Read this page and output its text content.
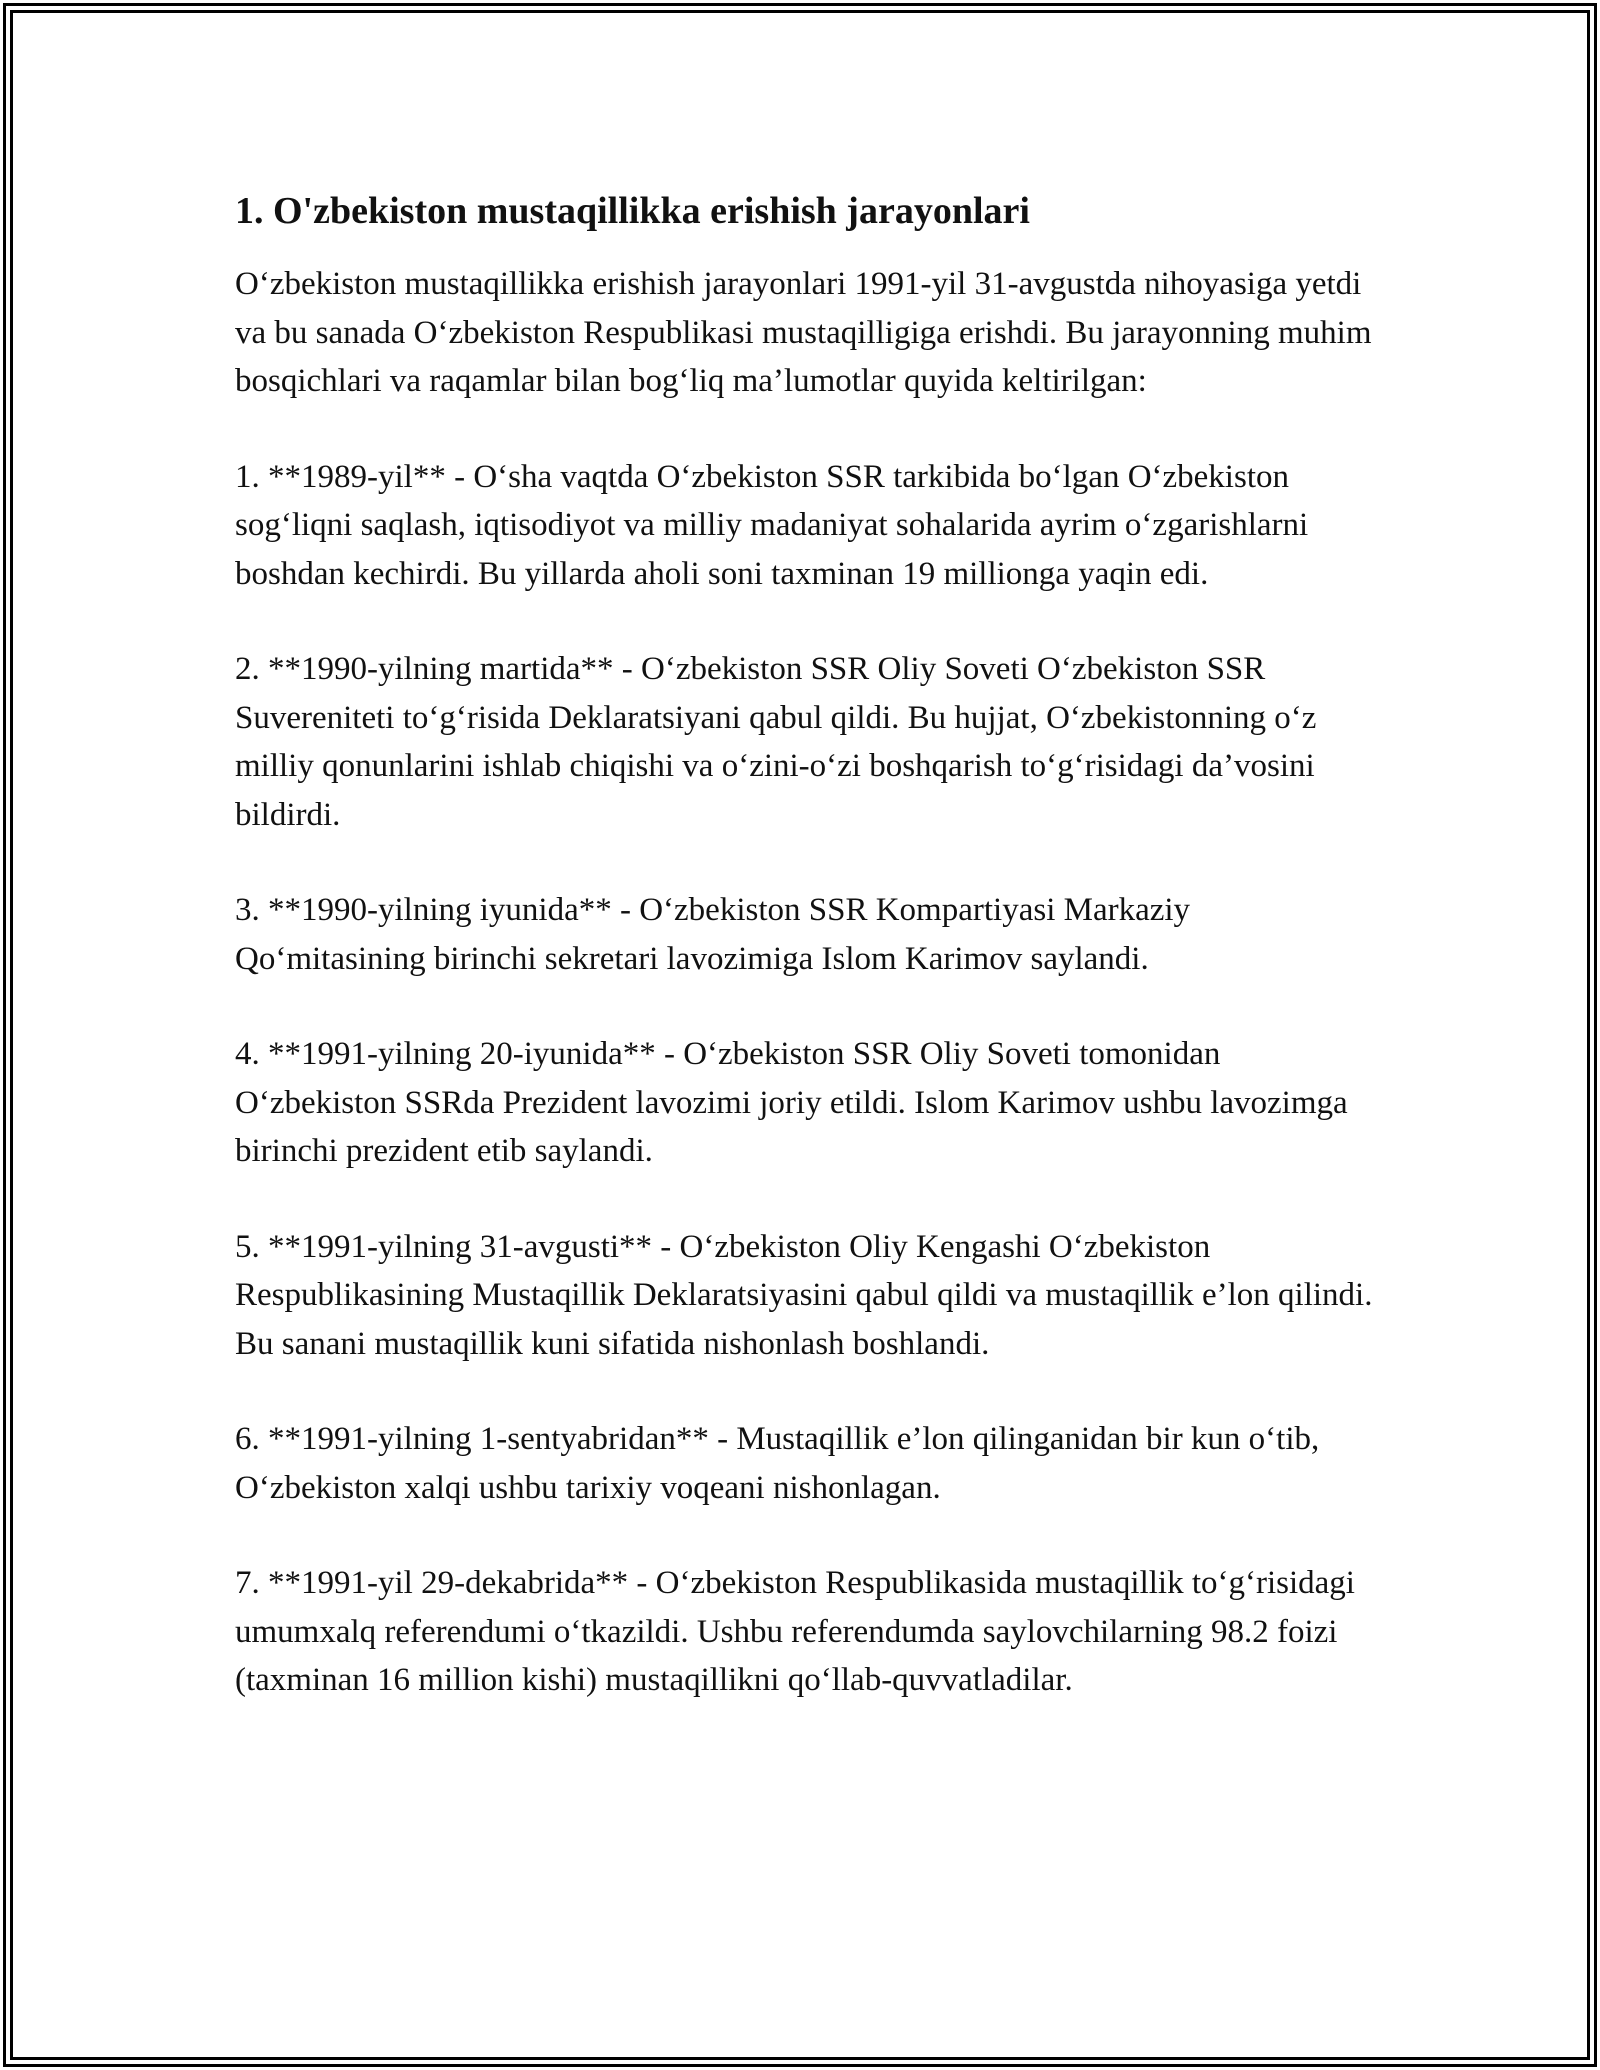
1. O'zbekiston mustaqillikka erishish jarayonlari

O‘zbekiston mustaqillikka erishish jarayonlari 1991-yil 31-avgustda nihoyasiga yetdi va bu sanada O‘zbekiston Respublikasi mustaqilligiga erishdi. Bu jarayonning muhim bosqichlari va raqamlar bilan bog‘liq ma’lumotlar quyida keltirilgan:

1. **1989-yil** - O‘sha vaqtda O‘zbekiston SSR tarkibida bo‘lgan O‘zbekiston sog‘liqni saqlash, iqtisodiyot va milliy madaniyat sohalarida ayrim o‘zgarishlarni boshdan kechirdi. Bu yillarda aholi soni taxminan 19 millionga yaqin edi.

2. **1990-yilning martida** - O‘zbekiston SSR Oliy Soveti O‘zbekiston SSR Suvereniteti to‘g‘risida Deklaratsiyani qabul qildi. Bu hujjat, O‘zbekistonning o‘z milliy qonunlarini ishlab chiqishi va o‘zini-o‘zi boshqarish to‘g‘risidagi da’vosini bildirdi.

3. **1990-yilning iyunida** - O‘zbekiston SSR Kompartiyasi Markaziy Qo‘mitasining birinchi sekretari lavozimiga Islom Karimov saylandi.

4. **1991-yilning 20-iyunida** - O‘zbekiston SSR Oliy Soveti tomonidan O‘zbekiston SSRda Prezident lavozimi joriy etildi. Islom Karimov ushbu lavozimga birinchi prezident etib saylandi.

5. **1991-yilning 31-avgusti** - O‘zbekiston Oliy Kengashi O‘zbekiston Respublikasining Mustaqillik Deklaratsiyasini qabul qildi va mustaqillik e’lon qilindi. Bu sanani mustaqillik kuni sifatida nishonlash boshlandi.

6. **1991-yilning 1-sentyabridan** - Mustaqillik e’lon qilinganidan bir kun o‘tib, O‘zbekiston xalqi ushbu tarixiy voqeani nishonlagan.

7. **1991-yil 29-dekabrida** - O‘zbekiston Respublikasida mustaqillik to‘g‘risidagi umumxalq referendumi o‘tkazildi. Ushbu referendumda saylovchilarning 98.2 foizi (taxminan 16 million kishi) mustaqillikni qo‘llab-quvvatladilar.
